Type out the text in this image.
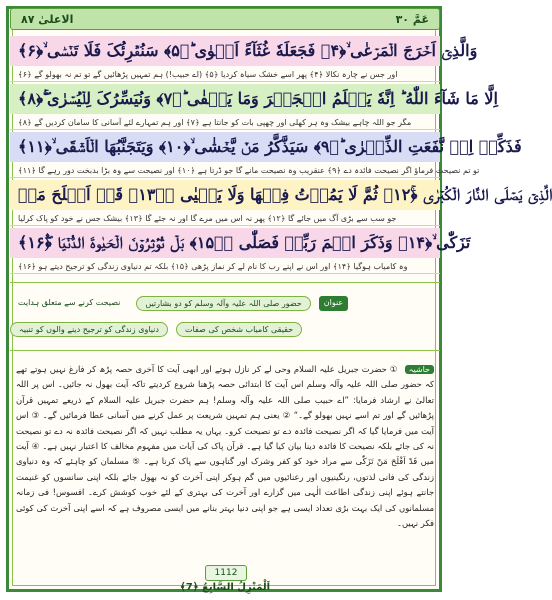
الاعلیٰ ۸۷	عَمَّ ۳۰
وَالَّذِیۡۤ اَخۡرَجَ الۡمَرۡعٰی ۙ﴿۴﴾ فَجَعَلَهٗ غُثَآءً اَحۡوٰی ؕ﴿۵﴾ سَنُقۡرِئُکَ فَلَا تَنۡسٰۤی ۙ﴿۶﴾
اور جس نے چارہ نکالا ﴿۴﴾ پھر اسے خشک سیاہ کردیا ﴿۵﴾ (اے حبیب!) ہم تمہیں پڑھائیں گے تو تم نہ بھولو گے ﴿۶﴾
اِلَّا مَا شَآءَ اللّٰهُ ؕ اِنَّهٗ یَعۡلَمُ الۡجَهۡرَ وَمَا یَخۡفٰی ؕ﴿۷﴾ وَنُیَسِّرُکَ لِلۡیُسۡرٰی ۚۖ﴿۸﴾
مگر جو اللہ چاہے بیشک وہ ہر کھلی اور چھپی بات کو جانتا ہے ﴿۷﴾ اور ہم تمہارے لئے آسانی کا سامان کردیں گے ﴿۸﴾
فَذَکِّرۡ اِنۡ نَّفَعَتِ الذِّکۡرٰی ؕ﴿۹﴾ سَیَذَّکَّرُ مَنۡ یَّخۡشٰی ۙ﴿۱۰﴾ وَیَتَجَنَّبُهَا الۡاَشۡقَی ۙ﴿۱۱﴾
تو تم نصیحت فرماؤ اگر نصیحت فائدہ دے ﴿۹﴾ عنقریب وہ نصیحت مانے گا جو ڈرتا ہے ﴿۱۰﴾ اور نصیحت سے وہ بڑا بدبخت دور رہے گا ﴿۱۱﴾
الَّذِیۡ یَصۡلَی النَّارَ الۡکُبۡرٰی ﴿ۚ۱۲﴾ ثُمَّ لَا یَمُوۡتُ فِیۡهَا وَلَا یَحۡیٰی ﴿ؕ۱۳﴾ قَدۡ اَفۡلَحَ مَنۡ
جو سب سے بڑی آگ میں جائے گا ﴿۱۲﴾ پھر نہ اس میں مرے گا اور نہ جئے گا ﴿۱۳﴾ بیشک جس نے خود کو پاک کرلیا
تَزَکّٰی ۙ﴿۱۴﴾ وَذَکَرَ اسۡمَ رَبِّهٖ فَصَلّٰی ﴿ؕ۱۵﴾ بَلۡ تُؤۡثِرُوۡنَ الۡحَیٰوةَ الدُّنۡیَا ﴿۫ۖ۱۶﴾
وہ کامیاب ہوگیا ﴿۱۴﴾ اور اس نے اپنے رب کا نام لے کر نماز پڑھی ﴿۱۵﴾ بلکہ تم دنیاوی زندگی کو ترجیح دیتے ہو ﴿۱۶﴾
عنوان
حضور صلی اللہ علیہ وآلہ وسلم کو دو بشارتیں
نصیحت کرنے سے متعلق ہدایت
حقیقی کامیاب شخص کی صفات
دنیاوی زندگی کو ترجیح دینے والوں کو تنبیہ
حاشیہ ① حضرت جبریل علیہ السلام وحی لے کر نازل ہوتے اور ابھی آیت کا آخری حصہ پڑھ کر فارغ نہیں ہوتے تھے کہ حضور صلی اللہ علیہ وآلہ وسلم اس آیت کا ابتدائی حصہ پڑھنا شروع کردیتے تاکہ آیت بھول نہ جائیں۔ اس پر اللہ تعالیٰ نے ارشاد فرمایا: ”اے حبیب صلی اللہ علیہ وآلہ وسلم! ہم حضرت جبریل علیہ السلام کے ذریعے تمہیں قرآن پڑھائیں گے اور تم اسے نہیں بھولو گے۔“ ② یعنی ہم تمہیں شریعت پر عمل کرنے میں آسانی عطا فرمائیں گے۔ ③ اس آیت میں فرمایا گیا کہ اگر نصیحت فائدہ دے تو نصیحت کرو۔ یہاں یہ مطلب نہیں کہ اگر نصیحت فائدہ نہ دے تو نصیحت نہ کی جائے بلکہ نصیحت کا فائدہ دینا بیان کیا گیا ہے۔ قرآن پاک کی آیات میں مفہوم مخالف کا اعتبار نہیں ہے۔ ④ آیت میں قَدْ اَفْلَحَ مَنْ تَزَکّٰی سے مراد خود کو کفر وشرک اور گناہوں سے پاک کرنا ہے۔ ⑤ مسلمان کو چاہئے کہ وہ دنیاوی زندگی کی فانی لذتوں، رنگینیوں اور رعنائیوں میں گم ہوکر اپنی آخرت کو نہ بھول جائے بلکہ اپنی سانسوں کو غنیمت جانتے ہوئے اپنی زندگی اطاعت الٰہی میں گزارے اور آخرت کی بہتری کے لئے خوب کوشش کرے۔ افسوس! فی زمانہ مسلمانوں کی ایک بہت بڑی تعداد ایسی ہے جو اپنی دنیا بہتر بنانے میں ایسی مصروف ہے کہ اسے اپنی آخرت کی کوئی فکر نہیں۔
1112
اَلْمَنْزِلُ السَّابِعُ ﴿7﴾
